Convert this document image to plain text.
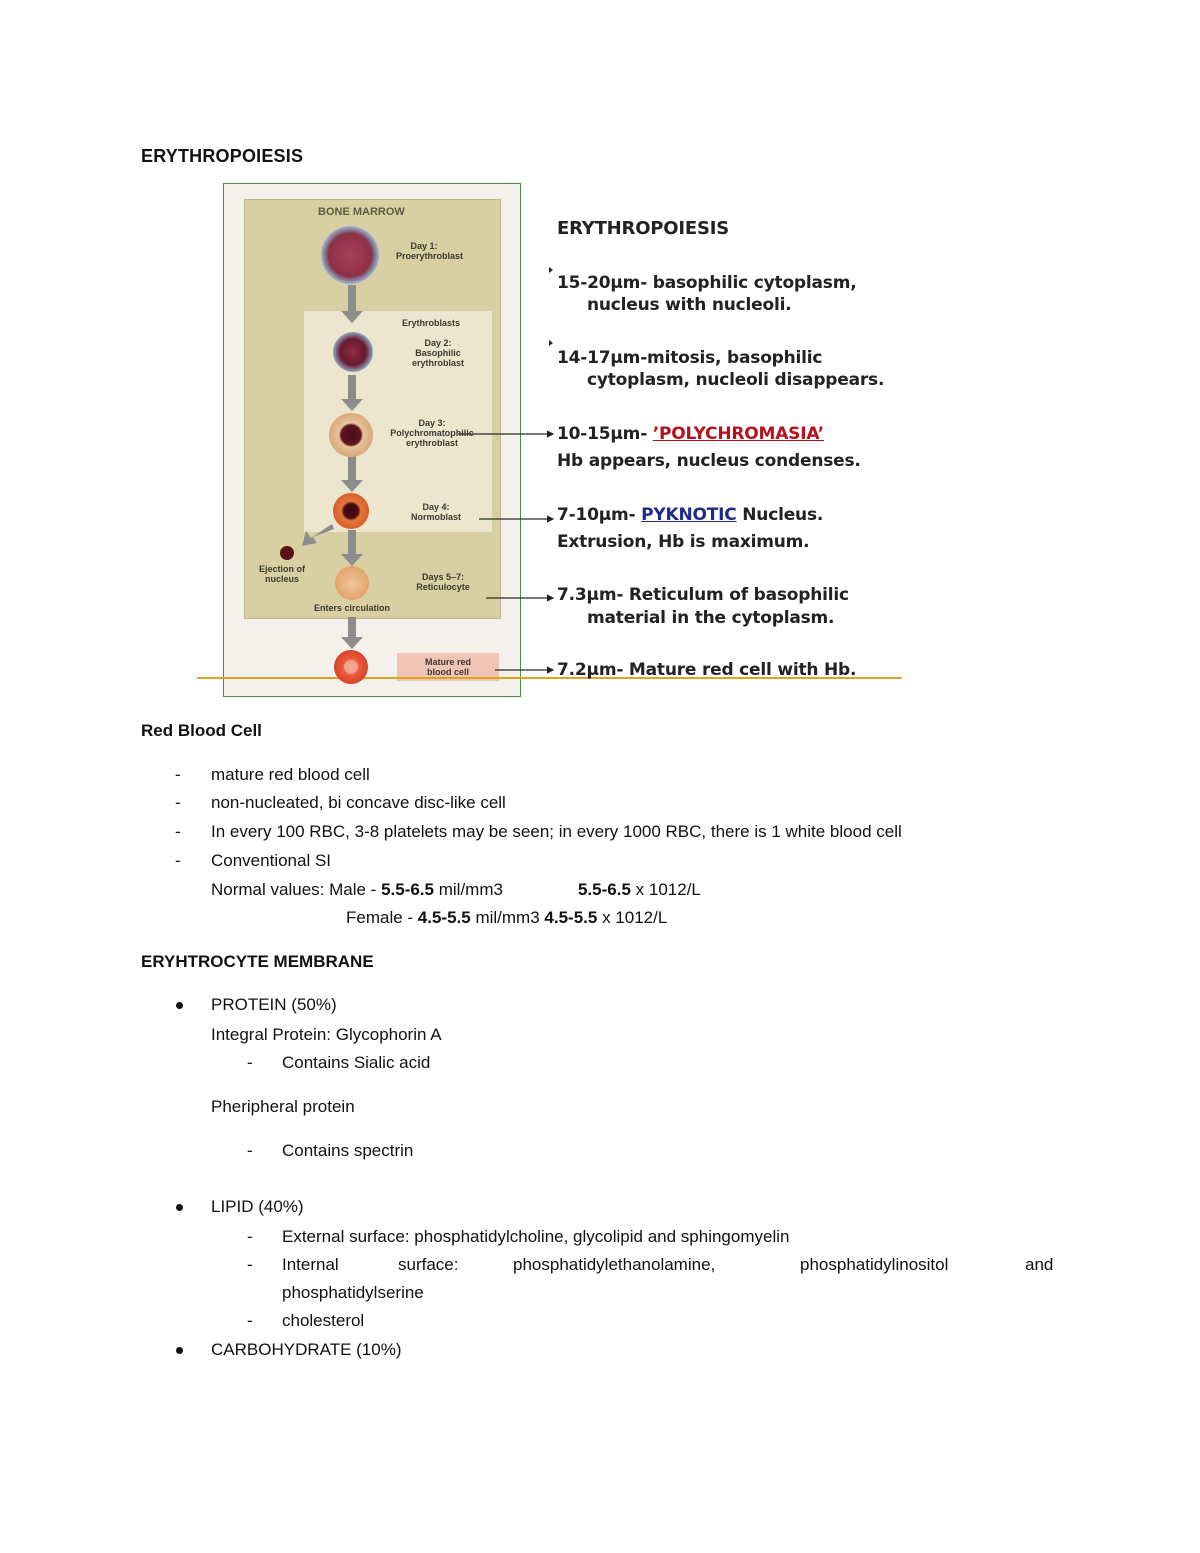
ERYTHROPOIESIS
BONE MARROW
Day 1:
Proerythroblast
Erythroblasts
Day 2:
Basophilic
erythroblast
Day 3:
Polychromatophilic
erythroblast
Day 4:
Normoblast
Ejection of
nucleus	Days 5–7:
Reticulocyte
Enters circulation
Mature red
blood cell
ERYTHROPOIESIS
15-20µm- basophilic cytoplasm,
nucleus with nucleoli.
14-17µm-mitosis, basophilic
cytoplasm, nucleoli disappears.
10-15µm- ’POLYCHROMASIA’
Hb appears, nucleus condenses.
7-10µm- PYKNOTIC Nucleus.
Extrusion, Hb is maximum.
7.3µm- Reticulum of basophilic
material in the cytoplasm.
7.2µm- Mature red cell with Hb.
Red Blood Cell
- mature red blood cell
- non-nucleated, bi concave disc-like cell
- In every 100 RBC, 3-8 platelets may be seen; in every 1000 RBC, there is 1 white blood cell
- Conventional SI
Normal values: Male - 5.5-6.5 mil/mm3	5.5-6.5 x 1012/L
Female - 4.5-5.5 mil/mm3 4.5-5.5 x 1012/L
ERYHTROCYTE MEMBRANE
PROTEIN (50%)
Integral Protein: Glycophorin A
- Contains Sialic acid
Pheripheral protein
- Contains spectrin
LIPID (40%)
- External surface: phosphatidylcholine, glycolipid and sphingomyelin
- Internal	surface:	phosphatidylethanolamine,	phosphatidylinositol	and
phosphatidylserine
- cholesterol
CARBOHYDRATE (10%)
